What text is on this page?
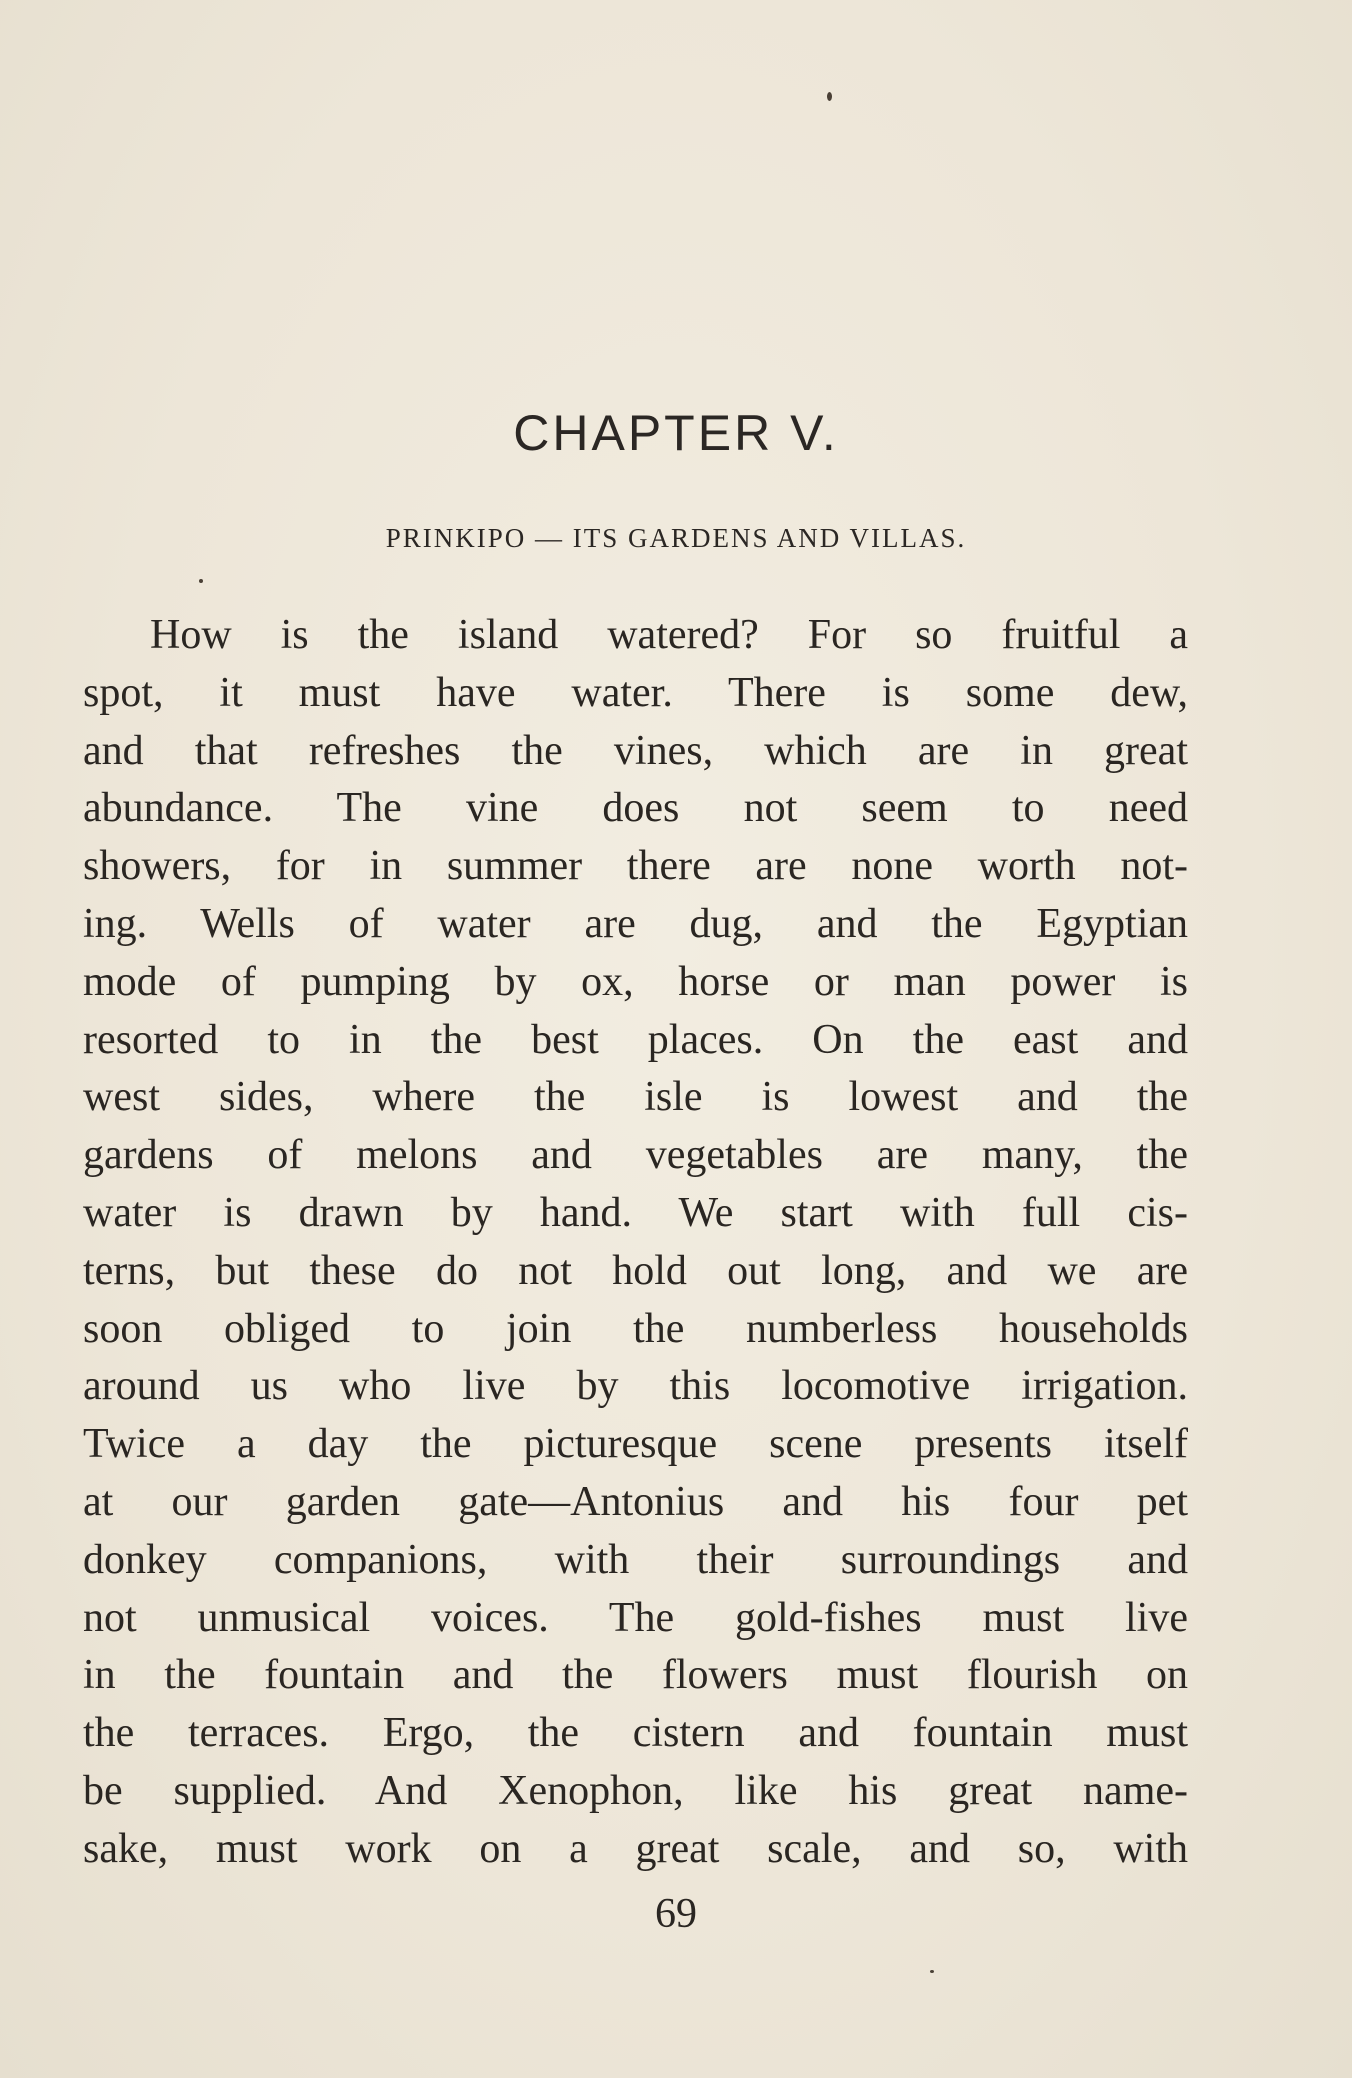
CHAPTER V.

PRINKIPO — ITS GARDENS AND VILLAS.

How is the island watered? For so fruitful a
spot, it must have water. There is some dew,
and that refreshes the vines, which are in great
abundance. The vine does not seem to need
showers, for in summer there are none worth not-
ing. Wells of water are dug, and the Egyptian
mode of pumping by ox, horse or man power is
resorted to in the best places. On the east and
west sides, where the isle is lowest and the
gardens of melons and vegetables are many, the
water is drawn by hand. We start with full cis-
terns, but these do not hold out long, and we are
soon obliged to join the numberless households
around us who live by this locomotive irrigation.
Twice a day the picturesque scene presents itself
at our garden gate—Antonius and his four pet
donkey companions, with their surroundings and
not unmusical voices. The gold-fishes must live
in the fountain and the flowers must flourish on
the terraces. Ergo, the cistern and fountain must
be supplied. And Xenophon, like his great name-
sake, must work on a great scale, and so, with
69
